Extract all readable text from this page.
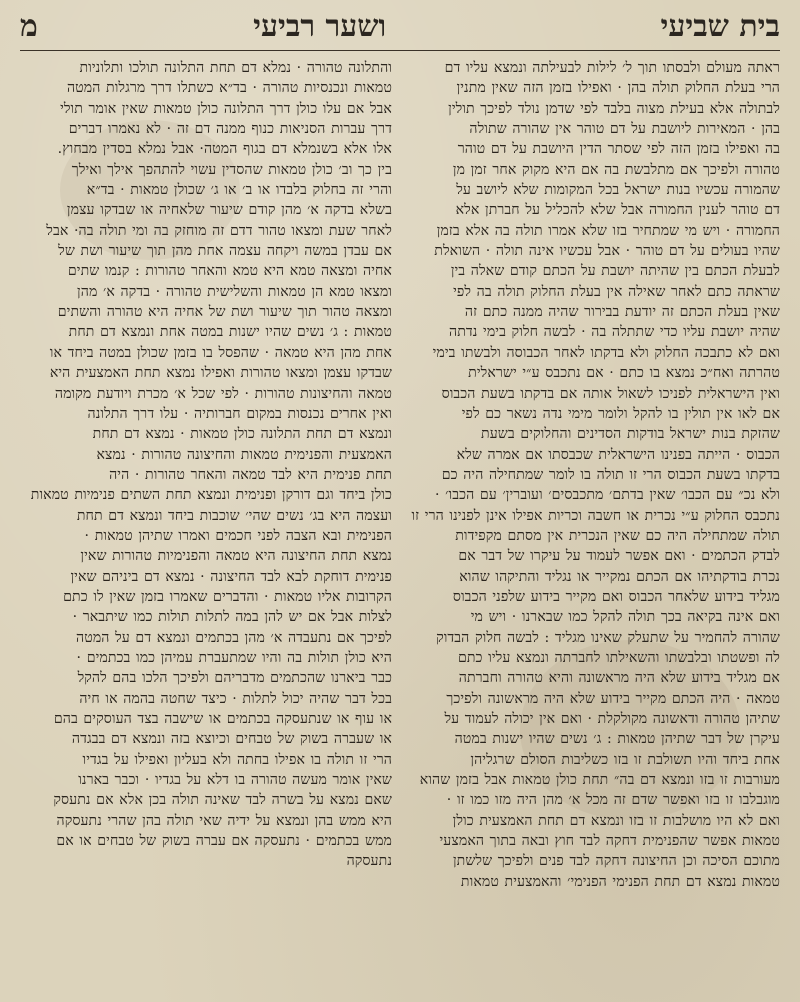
מ	ושער רביעי	בית שביעי
והתלונה טהורה · נמלא דם תחת התלונה תולכו ותלוניות
טמאות ונכנסיות טהורה · בד״א כשתלו דרך מרגלות המטה
אבל אם עלו כולן דרך התלונה כולן טמאות שאין אומר תולי
דרך עברות הסניאות כנוף ממנה דם זה · לא נאמרו דברים
אלו אלא בשנמלא דם בגוף המטה· אבל נמלא בסדין מבחוץ.
בין כך וב׳ כולן טמאות שהסדין עשוי להתהפך אילך ואילך
והרי זה בחלוק בלבדו או ב׳ או ג׳ שכולן טמאות · בד״א
בשלא בדקה א׳ מהן קודם שיעור שלאחיה או שבדקו עצמן
לאחר שעת ומצאו טהור דדם זה מוחזק בה ומי תולה בה· אבל
אם עבדן במשה ויקחה עצמה אחת מהן תוך שיעור ושת של
אחיה ומצאה טמא היא טמא והאחר טהורות : קנמו שתים
ומצאו טמא הן טמאות והשלישית טהורה · בדקה א׳ מהן
ומצאה טהור תוך שיעור ושת של אחיה היא טהורה והשתים
טמאות : ג׳ נשים שהיו ישנות במטה אחת ונמצא דם תחת
אחת מהן היא טמאה · שהפסל בו בזמן שכולן במטה ביחד או
שבדקו עצמן ומצאו טהורות ואפילו נמצא תחת האמצעית היא
טמאה והחיצונות טהורות · לפי שכל א׳ מכרת ויודעת מקומה
ואין אחרים נכנסות במקום חברותיה · עלו דרך התלונה
ונמצא דם תחת התלונה כולן טמאות · נמצא דם תחת
האמצעית והפנימית טמאות והחיצונה טהורות · נמצא
תחת פנימית היא לבד טמאה והאחר טהורות · היה
כולן ביחד וגם דורקן ופנימית ונמצא תחת השתים פנימיות טמאות
ועצמה היא בג׳ נשים שהי׳ שוכבות ביחד ונמצא דם תחת
הפנימית ובא הצבה לפני חכמים ואמרו שתיהן טמאות ·
נמצא תחת החיצונה היא טמאה והפנימיות טהורות שאין
פנימית דוחקת לבא לבד החיצונה · נמצא דם ביניהם שאין
הקרובות אליו טמאות · והדברים שאמרו בזמן שאין לו כתם
לצלות אבל אם יש להן במה לתלות תולות כמו שיתבאר ·
לפיכך אם נתעבדה א׳ מהן בכתמים ונמצא דם על המטה
היא כולן תולות בה והיו שמתעברת עמיהן כמו בכתמים ·
כבר ביארנו שהכתמים מדבריהם ולפיכך הלכו בהם להקל
בכל דבר שהיה יכול לתלות · כיצד שחטה בהמה או חיה
או עוף או שנתעסקה בכתמים או שישבה בצד העוסקים בהם
או שעברה בשוק של טבחים וכיוצא בזה ונמצא דם בבגדה
הרי זו תולה בו אפילו בחתה ולא בעליון ואפילו על בגדיו
שאין אומר מעשה טהורה בו דלא על בגדיו · וכבר בארנו
שאם נמצא על בשרה לבד שאינה תולה בכן אלא אם נתעסק
היא ממש בהן ונמצא על ידיה שאי תולה בהן שהרי נתעסקה
ממש בכתמים · נתעסקה אם עברה בשוק של טבחים או אם
נתעסקה
ראתה מעולם ולבסתו תוך ל׳ לילות לבעילתה ונמצא עליו דם
הרי בעלת החלוק תולה בהן · ואפילו בזמן הזה שאין מתנין
לבתולה אלא בעילת מצוה בלבד לפי שדמן נולד לפיכך תולין
בהן · המאירות ליושבת על דם טוהר אין שהורה שתולה
בה ואפילו בזמן הזה לפי שסתר הדין היושבת על דם טוהר
טהורה ולפיכך אם מתלבשת בה אם היא מקוק אחר זמן מן
שהמורה עכשיו בנות ישראל בכל המקומות שלא ליושב על
דם טוהר לענין החמורה אבל שלא להכליל על חברתן אלא
החמורה · ויש מי שמתחיר בזו שלא אמרו תולה בה אלא בזמן
שהיו בעולים על דם טוהר · אבל עכשיו אינה תולה · השואלת
לבעלת הכתם בין שהיתה יושבת על הכתם קודם שאלה בין
שראתה כתם לאחר שאילה אין בעלת החלוק תולה בה לפי
שאין בעלת הכתם זה יודעת בבירור שהיה ממנה כתם זה
שהיה יושבת עליו כדי שתתלה בה · לבשה חלוק בימי נדתה
ואם לא כתבכה החלוק ולא בדקתו לאחר הכבוסה ולבשתו בימי
טהרתה ואח״כ נמצא בו כתם · אם נתכבס ע״י ישראלית
ואין הישראלית לפניכו לשאול אותה אם בדקתו בשעת הכבוס
אם לאו אין תולין בו להקל ולומר מימי נדה נשאר כם לפי
שהזקת בנות ישראל בודקות הסדינים והחלוקים בשעת
הכבוס · הייתה בפנינו הישראלית שכבסתו אם אמרה שלא
בדקתו בשעת הכבוס הרי זו תולה בו לומר שמתחילה היה כם
ולא נכ״ עם הכבו׳ שאין בדתם׳ מתכבסים׳ ועוברין׳ עם הכבו׳ ·
נתכבס החלוק ע״י נכרית או חשבה וכריות אפילו אינן לפנינו הרי זו
תולה שמתחילה היה כם שאין הנכרית אין מסתם מקפידות
לבדק הכתמים · ואם אפשר לעמוד על עיקרו של דבר אם
נכרת בודקתיהו אם הכתם נמקייר או נגליד והתיקהו שהוא
מגליד בידוע שלאחר הכבוס ואם מקייר בידוע שלפני הכבוס
ואם אינה בקיאה בכך תולה להקל כמו שבארנו · ויש מי
שהורה להחמיר על שתעלק שאינו מגליד : לבשה חלוק הבדוק
לה ופשטתו ובלבשתו והשאילתו לחברתה ונמצא עליו כתם
אם מגליד בידוע שלא היה מראשונה והיא טהורה וחברתה
טמאה · היה הכתם מקייר בידוע שלא היה מראשונה ולפיכך
שתיהן טהורה ודאשונה מקולקלת · ואם אין יכולה לעמוד על
עיקרן של דבר שתיהן טמאות : ג׳ נשים שהיו ישנות במטה
אחת ביחד והיו תשולבת זו בזו כשליבות הסולם שרגליהן
מעורבות זו בזו ונמצא דם בה״ תחת כולן טמאות אבל בזמן שהוא
מוגבלבו זו בזו ואפשר שדם זה מכל א׳ מהן היה מזו כמו זו ·
ואם לא היו מושלבות זו בזו ונמצא דם תחת האמצעית כולן
טמאות אפשר שהפנימית דחקה לבד חוץ ובאה בתוך האמצעי
מתוכם הסיכה וכן החיצונה דחקה לבד פנים ולפיכך שלשתן
טמאות נמצא דם תחת הפנימי הפנימי׳ והאמצעית טמאות
